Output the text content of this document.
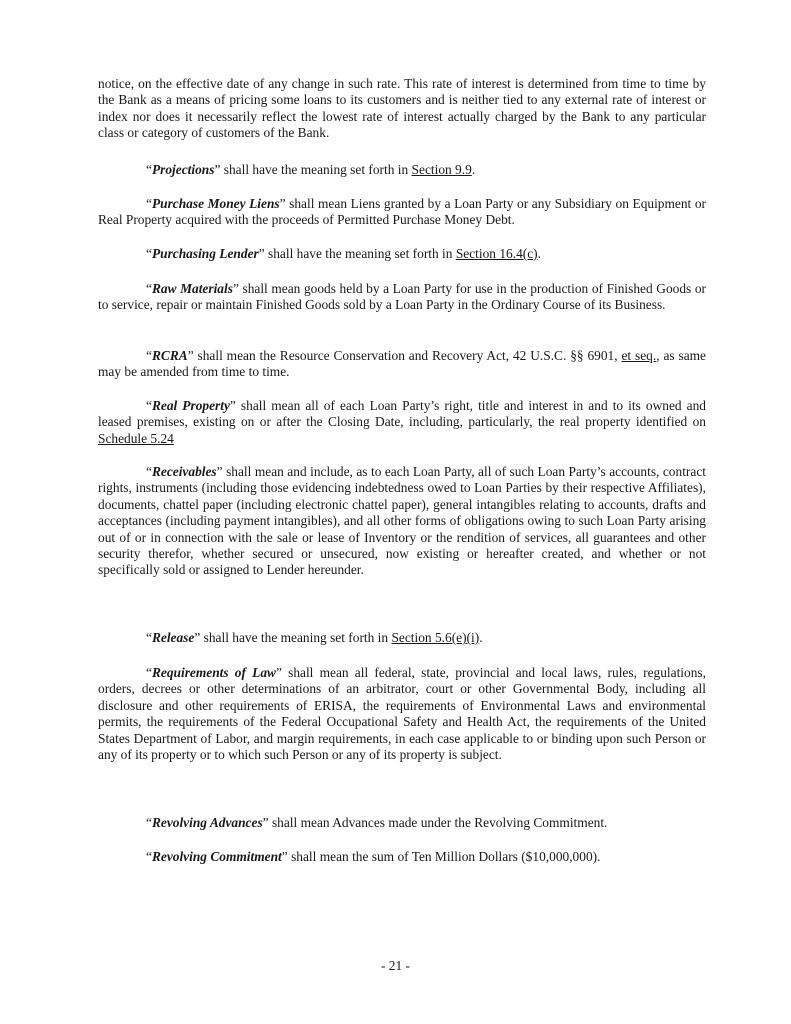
notice, on the effective date of any change in such rate. This rate of interest is determined from time to time by the Bank as a means of pricing some loans to its customers and is neither tied to any external rate of interest or index nor does it necessarily reflect the lowest rate of interest actually charged by the Bank to any particular class or category of customers of the Bank.

“Projections” shall have the meaning set forth in Section 9.9.

“Purchase Money Liens” shall mean Liens granted by a Loan Party or any Subsidiary on Equipment or Real Property acquired with the proceeds of Permitted Purchase Money Debt.

“Purchasing Lender” shall have the meaning set forth in Section 16.4(c).

“Raw Materials” shall mean goods held by a Loan Party for use in the production of Finished Goods or to service, repair or maintain Finished Goods sold by a Loan Party in the Ordinary Course of its Business.

“RCRA” shall mean the Resource Conservation and Recovery Act, 42 U.S.C. §§ 6901, et seq., as same may be amended from time to time.

“Real Property” shall mean all of each Loan Party’s right, title and interest in and to its owned and leased premises, existing on or after the Closing Date, including, particularly, the real property identified on Schedule 5.24

“Receivables” shall mean and include, as to each Loan Party, all of such Loan Party’s accounts, contract rights, instruments (including those evidencing indebtedness owed to Loan Parties by their respective Affiliates), documents, chattel paper (including electronic chattel paper), general intangibles relating to accounts, drafts and acceptances (including payment intangibles), and all other forms of obligations owing to such Loan Party arising out of or in connection with the sale or lease of Inventory or the rendition of services, all guarantees and other security therefor, whether secured or unsecured, now existing or hereafter created, and whether or not specifically sold or assigned to Lender hereunder.

“Release” shall have the meaning set forth in Section 5.6(e)(i).

“Requirements of Law” shall mean all federal, state, provincial and local laws, rules, regulations, orders, decrees or other determinations of an arbitrator, court or other Governmental Body, including all disclosure and other requirements of ERISA, the requirements of Environmental Laws and environmental permits, the requirements of the Federal Occupational Safety and Health Act, the requirements of the United States Department of Labor, and margin requirements, in each case applicable to or binding upon such Person or any of its property or to which such Person or any of its property is subject.

“Revolving Advances” shall mean Advances made under the Revolving Commitment.

“Revolving Commitment” shall mean the sum of Ten Million Dollars ($10,000,000).

- 21 -
